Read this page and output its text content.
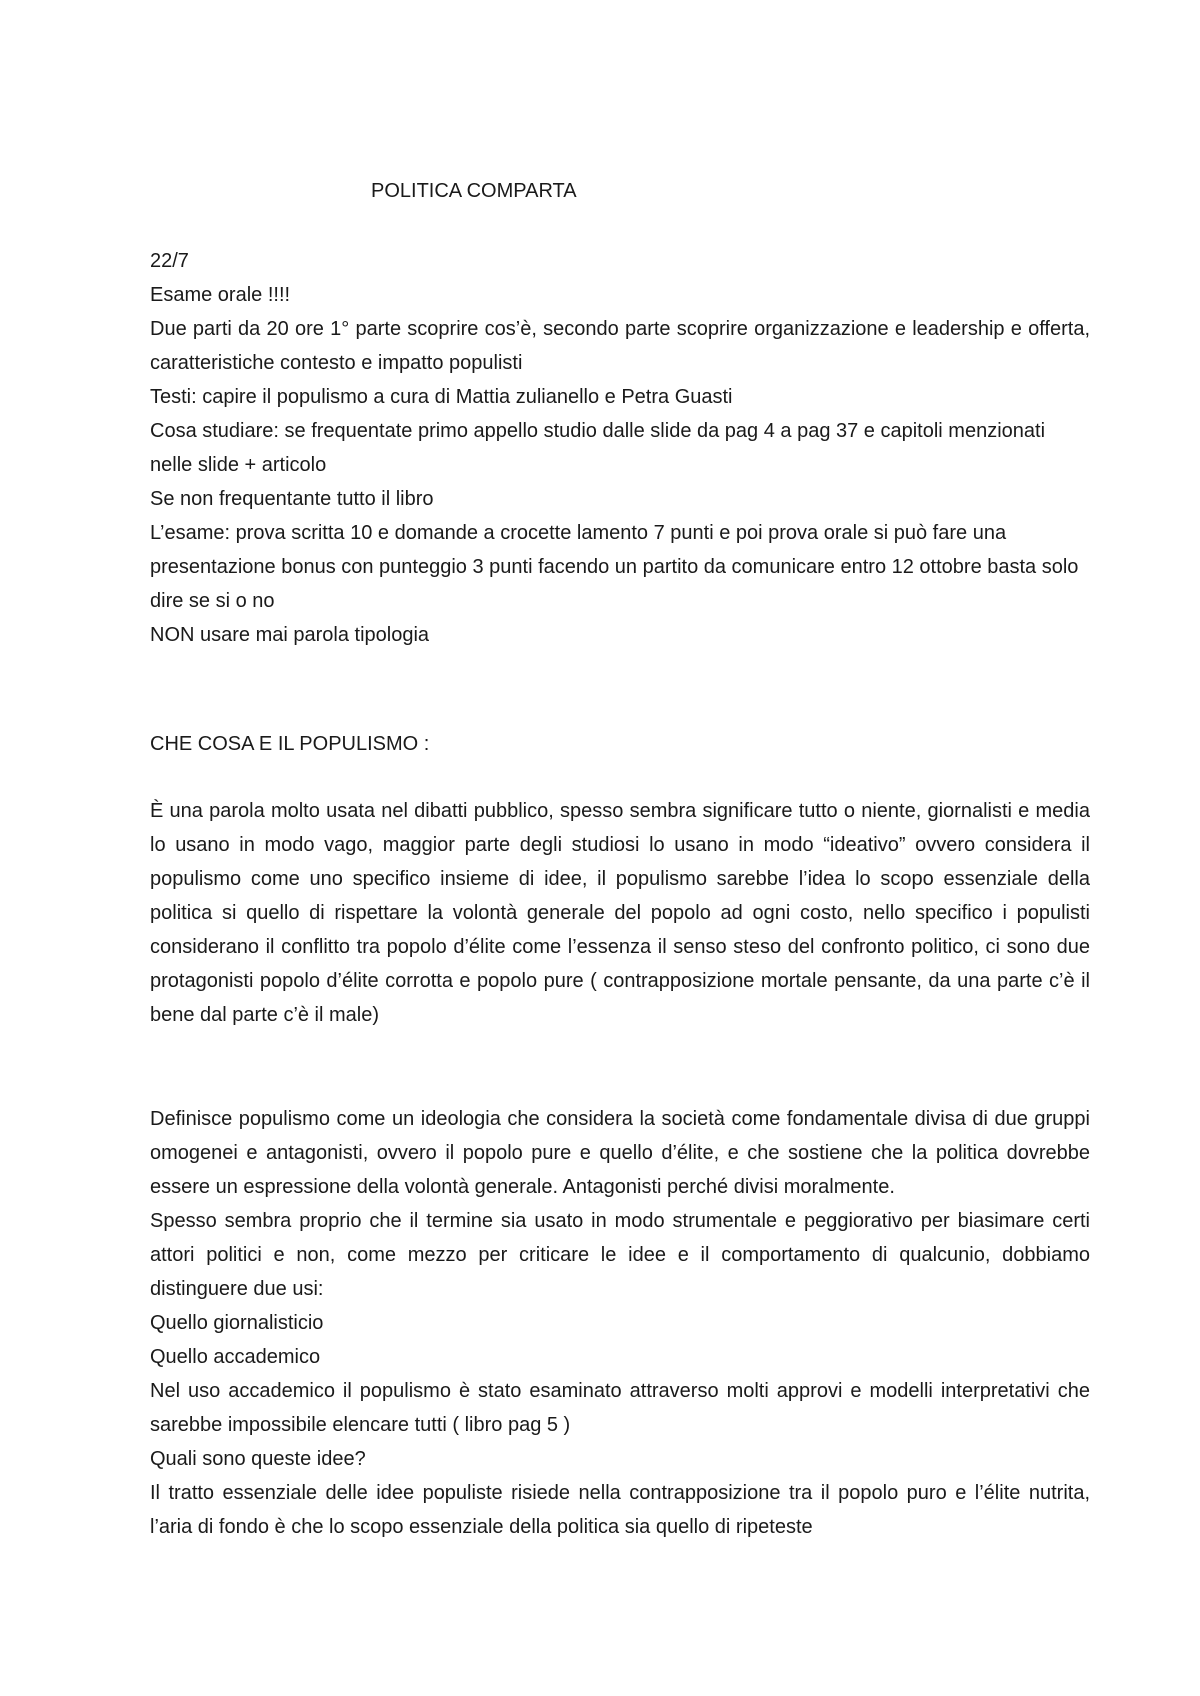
POLITICA COMPARTA

22/7

Esame orale !!!!

Due parti da 20 ore 1° parte scoprire cos’è, secondo parte scoprire organizzazione e leadership e offerta, caratteristiche contesto e impatto populisti

Testi: capire il populismo a cura di Mattia zulianello e Petra Guasti

Cosa studiare: se frequentate primo appello studio dalle slide da pag 4 a pag 37 e capitoli menzionati nelle slide + articolo

Se non frequentante tutto il libro

L’esame: prova scritta 10 e domande a crocette lamento 7 punti e poi prova orale si può fare una presentazione bonus con punteggio 3 punti facendo un partito da comunicare entro 12 ottobre basta solo dire se si o no

NON usare mai parola tipologia

CHE COSA E IL POPULISMO :
È una parola molto usata nel dibatti pubblico, spesso sembra significare tutto o niente, giornalisti e media lo usano in modo vago, maggior parte degli studiosi lo usano in modo “ideativo” ovvero considera il populismo come uno specifico insieme di idee, il populismo sarebbe l’idea lo scopo essenziale della politica si quello di rispettare la volontà generale del popolo ad ogni costo, nello specifico i populisti considerano il conflitto tra popolo d’élite come l’essenza il senso steso del confronto politico, ci sono due protagonisti popolo d’élite corrotta e popolo pure ( contrapposizione mortale pensante, da una parte c’è il bene dal parte c’è il male)

Definisce populismo come un ideologia che considera la società come fondamentale divisa di due gruppi omogenei e antagonisti, ovvero il popolo pure e quello d’élite, e che sostiene che la politica dovrebbe essere un espressione della volontà generale. Antagonisti perché divisi moralmente.

Spesso sembra proprio che il termine sia usato in modo strumentale e peggiorativo per biasimare certi attori politici e non, come mezzo per criticare le idee e il comportamento di qualcunio, dobbiamo distinguere due usi:

Quello giornalisticio

Quello accademico

Nel uso accademico il populismo è stato esaminato attraverso molti approvi e modelli interpretativi che sarebbe impossibile elencare tutti ( libro pag 5 )

Quali sono queste idee?

Il tratto essenziale delle idee populiste risiede nella contrapposizione tra il popolo puro e l’élite nutrita, l’aria di fondo è che lo scopo essenziale della politica sia quello di ripeteste
